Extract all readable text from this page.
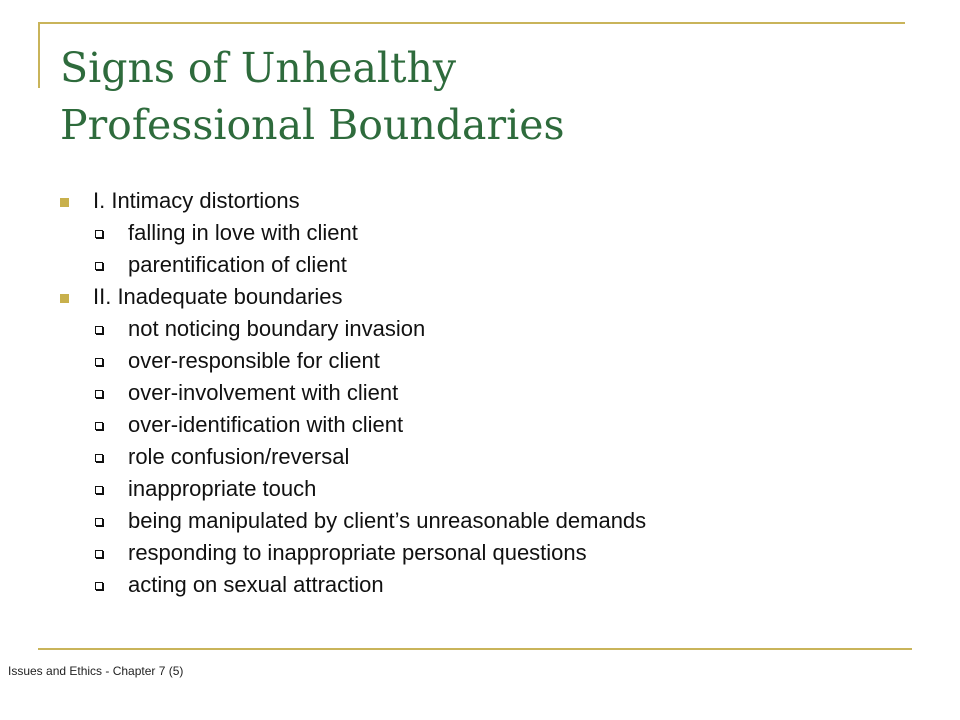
Signs of Unhealthy
Professional Boundaries
I. Intimacy distortions
falling in love with client
parentification of client
II. Inadequate boundaries
not noticing boundary invasion
over-responsible for client
over-involvement with client
over-identification with client
role confusion/reversal
inappropriate touch
being manipulated by client’s unreasonable demands
responding to inappropriate personal questions
acting on sexual attraction
Issues and Ethics - Chapter 7 (5)
